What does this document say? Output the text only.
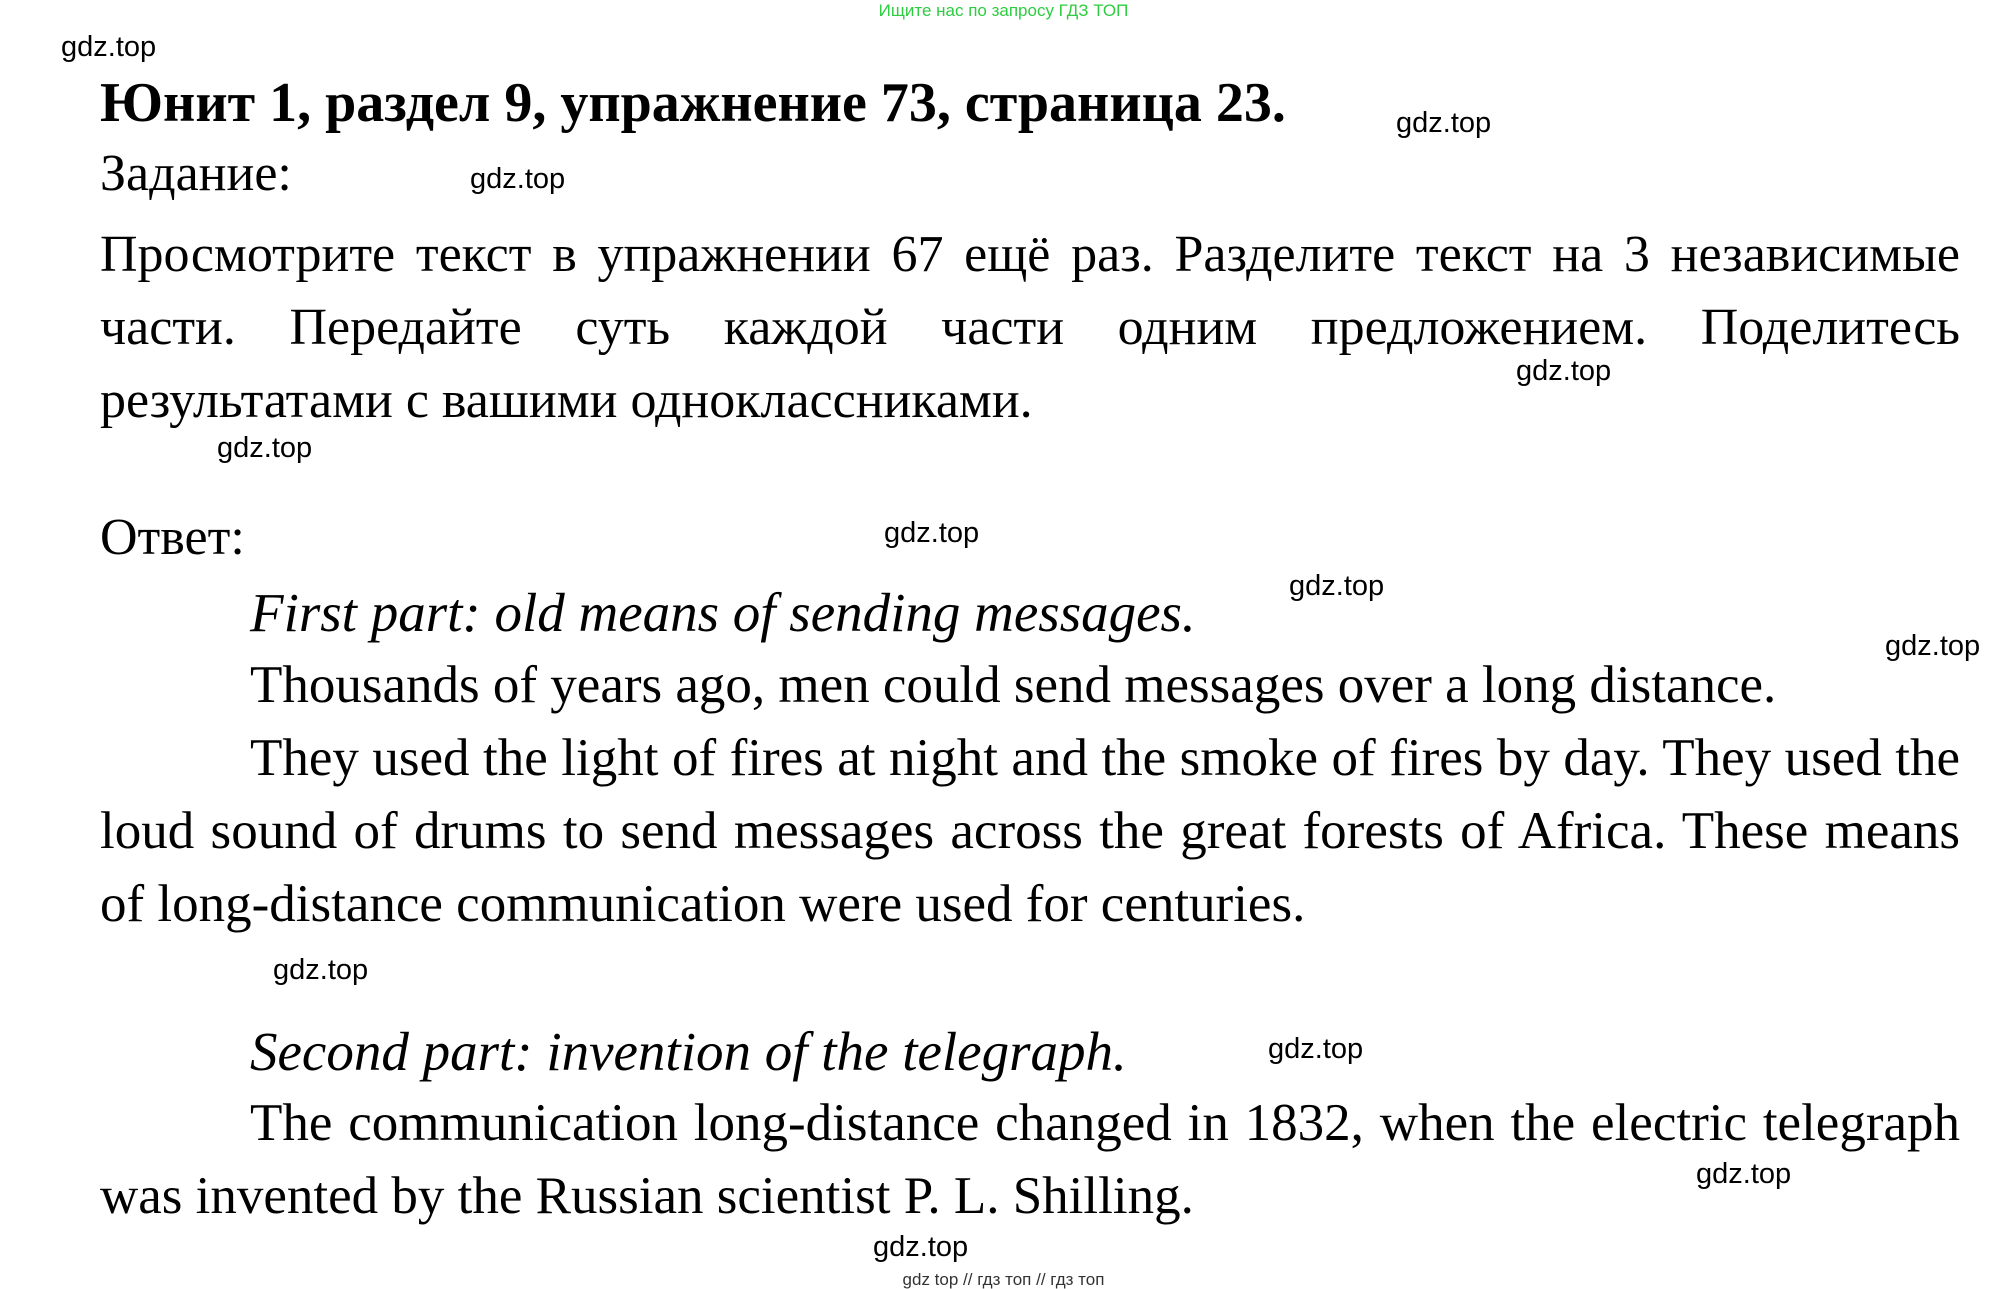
Ищите нас по запросу ГДЗ ТОП
gdz.top
gdz.top
gdz.top
gdz.top
gdz.top
gdz.top
gdz.top
gdz.top
gdz.top
gdz.top
gdz.top
gdz.top
Юнит 1, раздел 9, упражнение 73, страница 23.
Задание:
Просмотрите текст в упражнении 67 ещё раз. Разделите текст на 3 независимые части. Передайте суть каждой части одним предложением. Поделитесь результатами с вашими одноклассниками.
Ответ:
First part: old means of sending messages.
Thousands of years ago, men could send messages over a long distance.
They used the light of fires at night and the smoke of fires by day. They used the loud sound of drums to send messages across the great forests of Africa. These means of long-distance communication were used for centuries.
Second part: invention of the telegraph.
The communication long-distance changed in 1832, when the electric telegraph was invented by the Russian scientist P. L. Shilling.
gdz top // гдз топ // гдз топ
